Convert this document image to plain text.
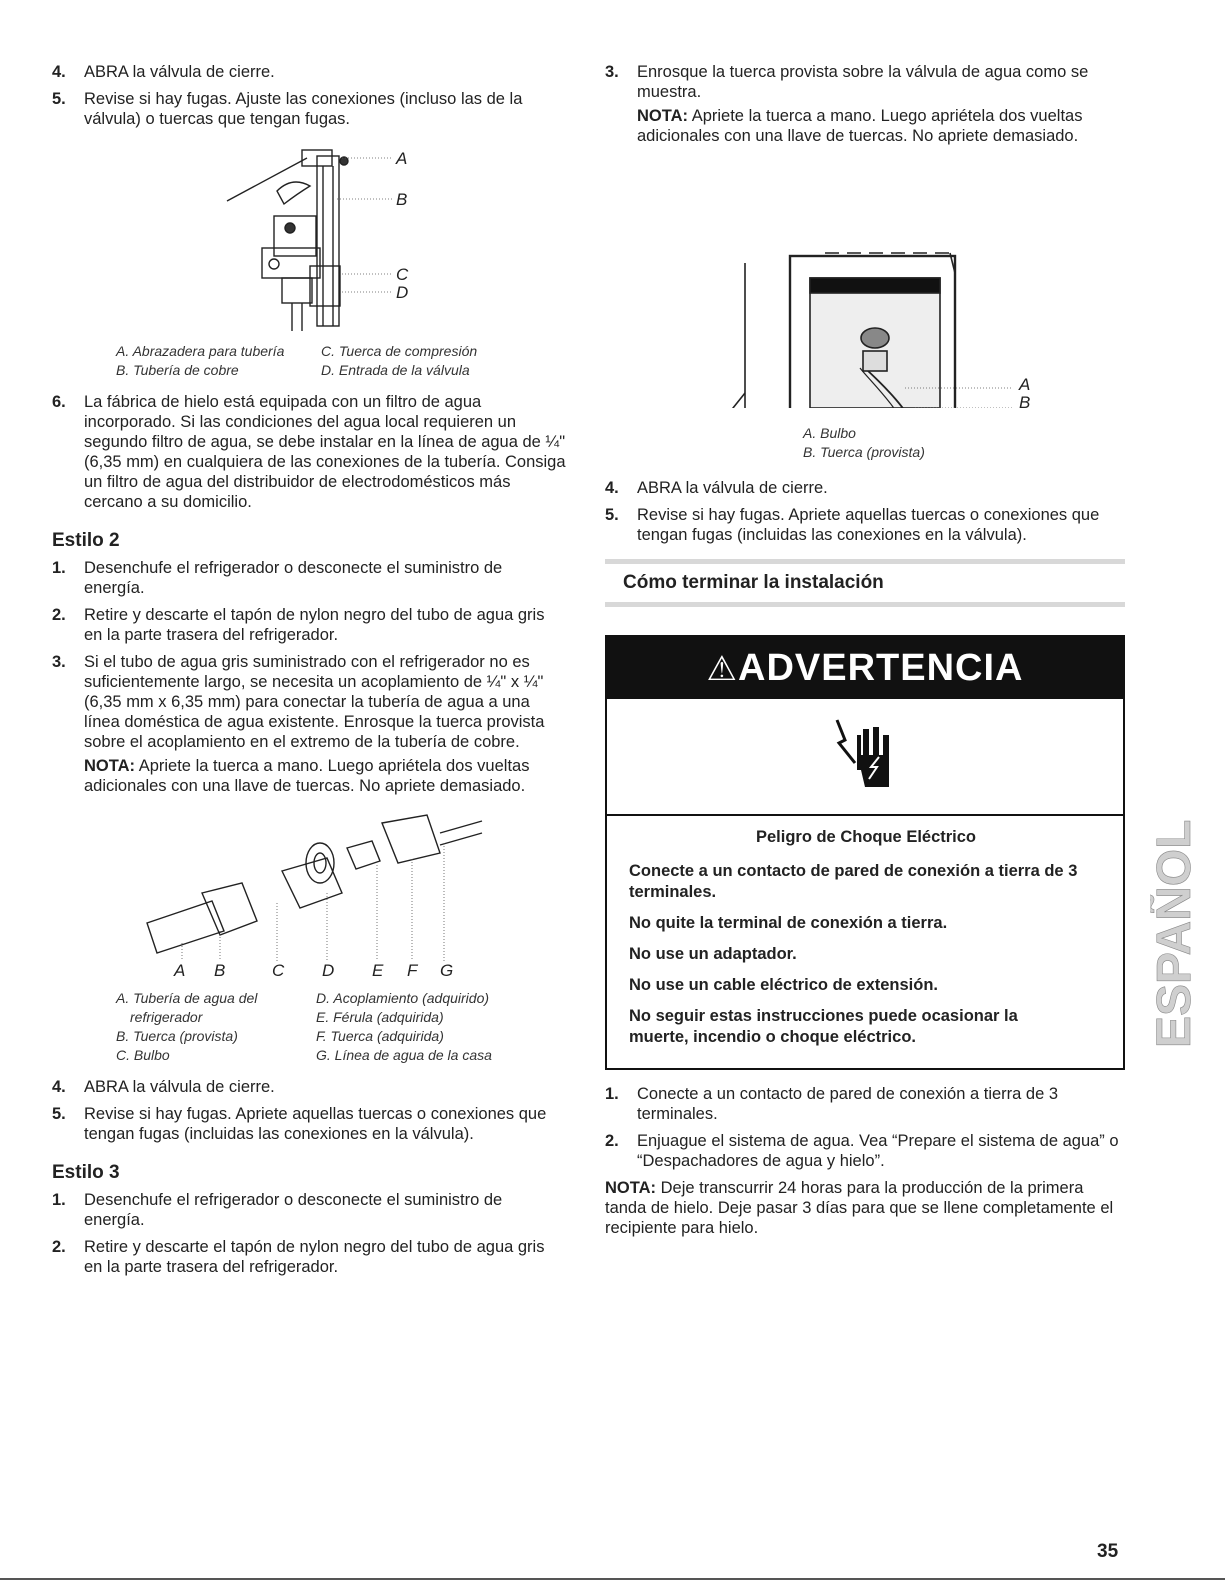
4. ABRA la válvula de cierre.
5. Revise si hay fugas. Ajuste las conexiones (incluso las de la válvula) o tuercas que tengan fugas.
A
B
C
D
A. Abrazadera para tubería	C. Tuerca de compresión
B. Tubería de cobre	D. Entrada de la válvula
6. La fábrica de hielo está equipada con un filtro de agua incorporado. Si las condiciones del agua local requieren un segundo filtro de agua, se debe instalar en la línea de agua de ¼" (6,35 mm) en cualquiera de las conexiones de la tubería. Consiga un filtro de agua del distribuidor de electrodomésticos más cercano a su domicilio.
Estilo 2
1. Desenchufe el refrigerador o desconecte el suministro de energía.
2. Retire y descarte el tapón de nylon negro del tubo de agua gris en la parte trasera del refrigerador.
3. Si el tubo de agua gris suministrado con el refrigerador no es suficientemente largo, se necesita un acoplamiento de ¼" x ¼" (6,35 mm x 6,35 mm) para conectar la tubería de agua a una línea doméstica de agua existente. Enrosque la tuerca provista sobre el acoplamiento en el extremo de la tubería de cobre.
NOTA: Apriete la tuerca a mano. Luego apriételа dos vueltas adicionales con una llave de tuercas. No apriete demasiado.
A B	C D E F G
A. Tubería de agua del
refrigerador
B. Tuerca (provista)
C. Bulbo
D. Acoplamiento (adquirido)
E. Férula (adquirida)
F. Tuerca (adquirida)
G. Línea de agua de la casa
4. ABRA la válvula de cierre.
5. Revise si hay fugas. Apriete aquellas tuercas o conexiones que tengan fugas (incluidas las conexiones en la válvula).
Estilo 3
1. Desenchufe el refrigerador o desconecte el suministro de energía.
2. Retire y descarte el tapón de nylon negro del tubo de agua gris en la parte trasera del refrigerador.
3. Enrosque la tuerca provista sobre la válvula de agua como se muestra.
NOTA: Apriete la tuerca a mano. Luego apriételа dos vueltas adicionales con una llave de tuercas. No apriete demasiado.
A
B
A. Bulbo
B. Tuerca (provista)
4. ABRA la válvula de cierre.
5. Revise si hay fugas. Apriete aquellas tuercas o conexiones que tengan fugas (incluidas las conexiones en la válvula).
Cómo terminar la instalación
⚠ADVERTENCIA
Peligro de Choque Eléctrico
Conecte a un contacto de pared de conexión a tierra de 3 terminales.
No quite la terminal de conexión a tierra.
No use un adaptador.
No use un cable eléctrico de extensión.
No seguir estas instrucciones puede ocasionar la muerte, incendio o choque eléctrico.
1. Conecte a un contacto de pared de conexión a tierra de 3 terminales.
2. Enjuague el sistema de agua. Vea “Prepare el sistema de agua” o “Despachadores de agua y hielo”.
NOTA: Deje transcurrir 24 horas para la producción de la primera tanda de hielo. Deje pasar 3 días para que se llene completamente el recipiente para hielo.
ESPAÑOL
35
